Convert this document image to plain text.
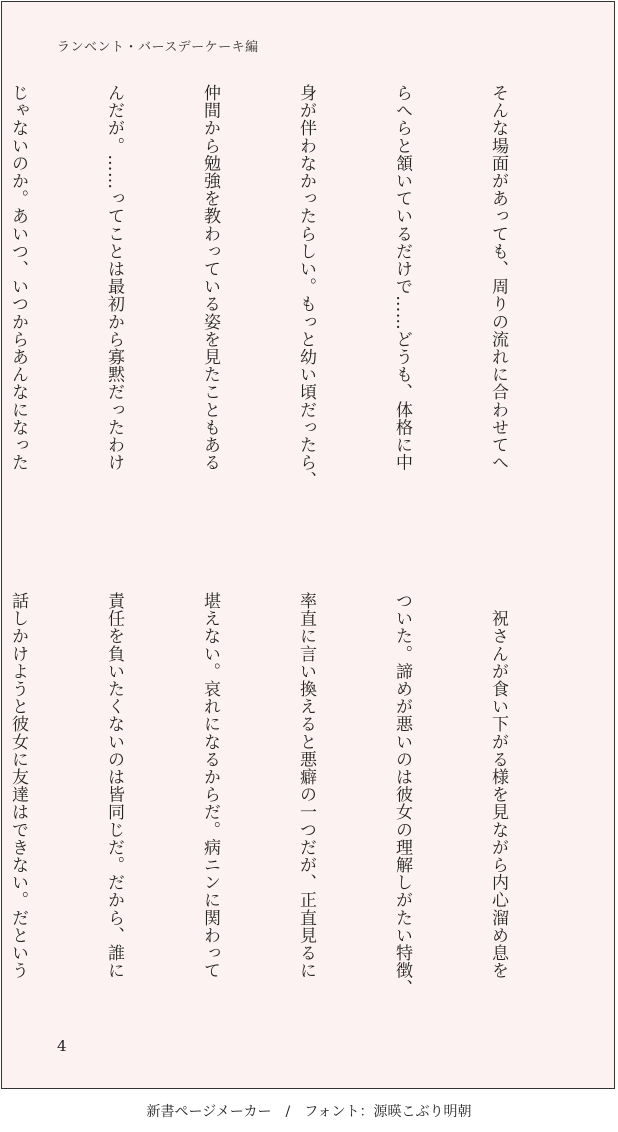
ランベント・バースデーケーキ編

そんな場面があっても、周りの流れに合わせてへ

らへらと頷いているだけで……どうも、体格に中

身が伴わなかったらしい。もっと幼い頃だったら、

仲間から勉強を教わっている姿を見たこともある

んだが。……ってことは最初から寡黙だったわけ

じゃないのか。あいつ、いつからあんなになった

　祝さんが食い下がる様を見ながら内心溜め息を

ついた。諦めが悪いのは彼女の理解しがたい特徴、

率直に言い換えると悪癖の一つだが、正直見るに

堪えない。哀れになるからだ。病ニンに関わって

責任を負いたくないのは皆同じだ。だから、誰に

話しかけようと彼女に友達はできない。だという

4
新書ページメーカー / フォント：源暎こぶり明朝
